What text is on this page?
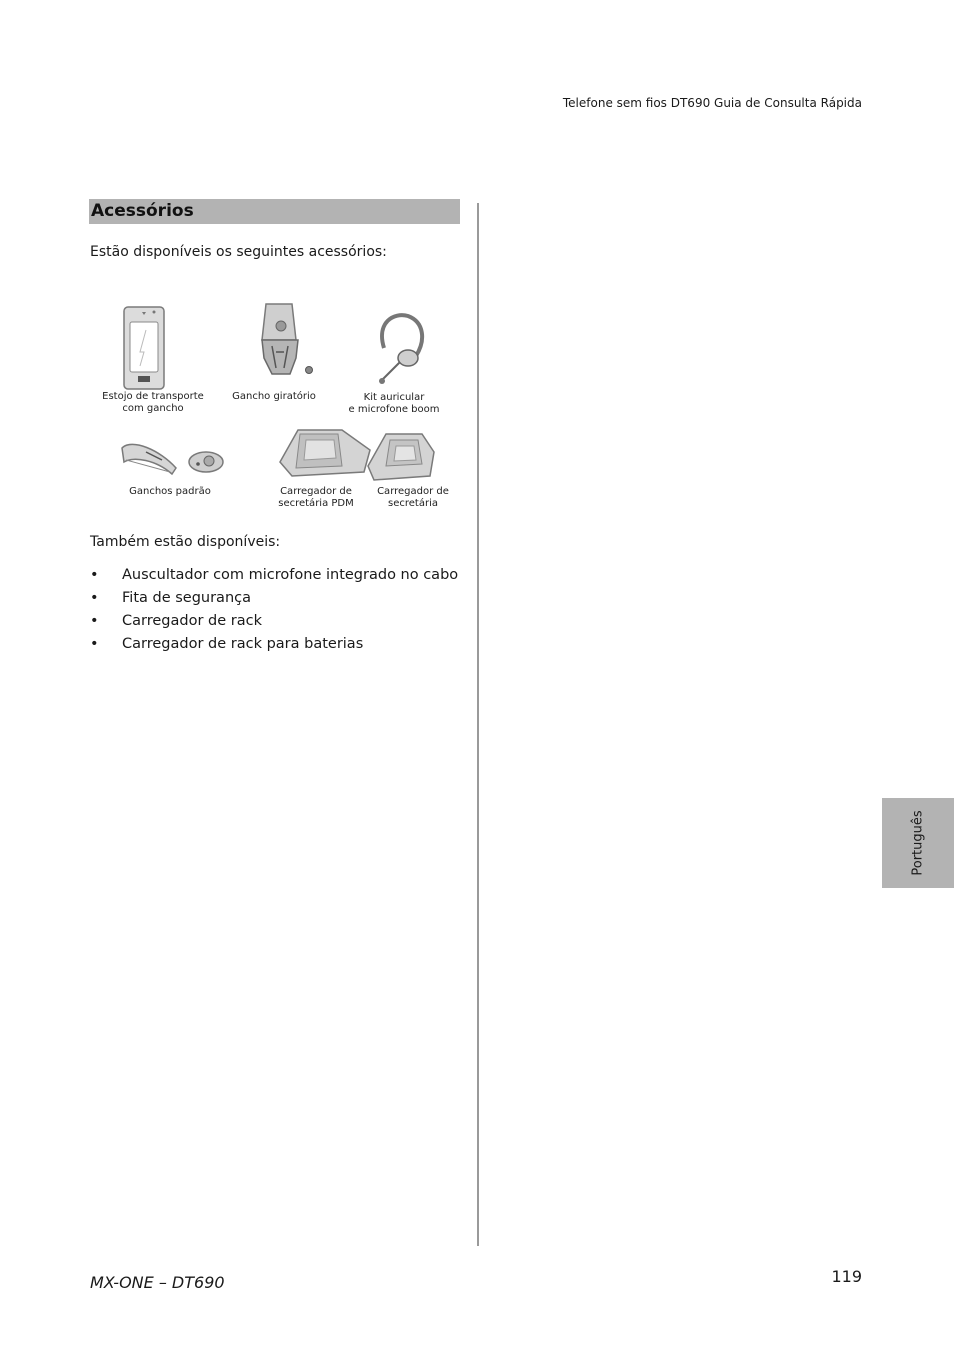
Telefone sem fios DT690 Guia de Consulta Rápida
Acessórios
Estão disponíveis os seguintes acessórios:
Estojo de transporte
com gancho
Gancho giratório	Kit auricular
e microfone boom
Ganchos padrão	Carregador de
secretária PDM
Carregador de
secretária
Também estão disponíveis:
• Auscultador com microfone integrado no cabo
• Fita de segurança
• Carregador de rack
• Carregador de rack para baterias
Português
MX-ONE – DT690	119
